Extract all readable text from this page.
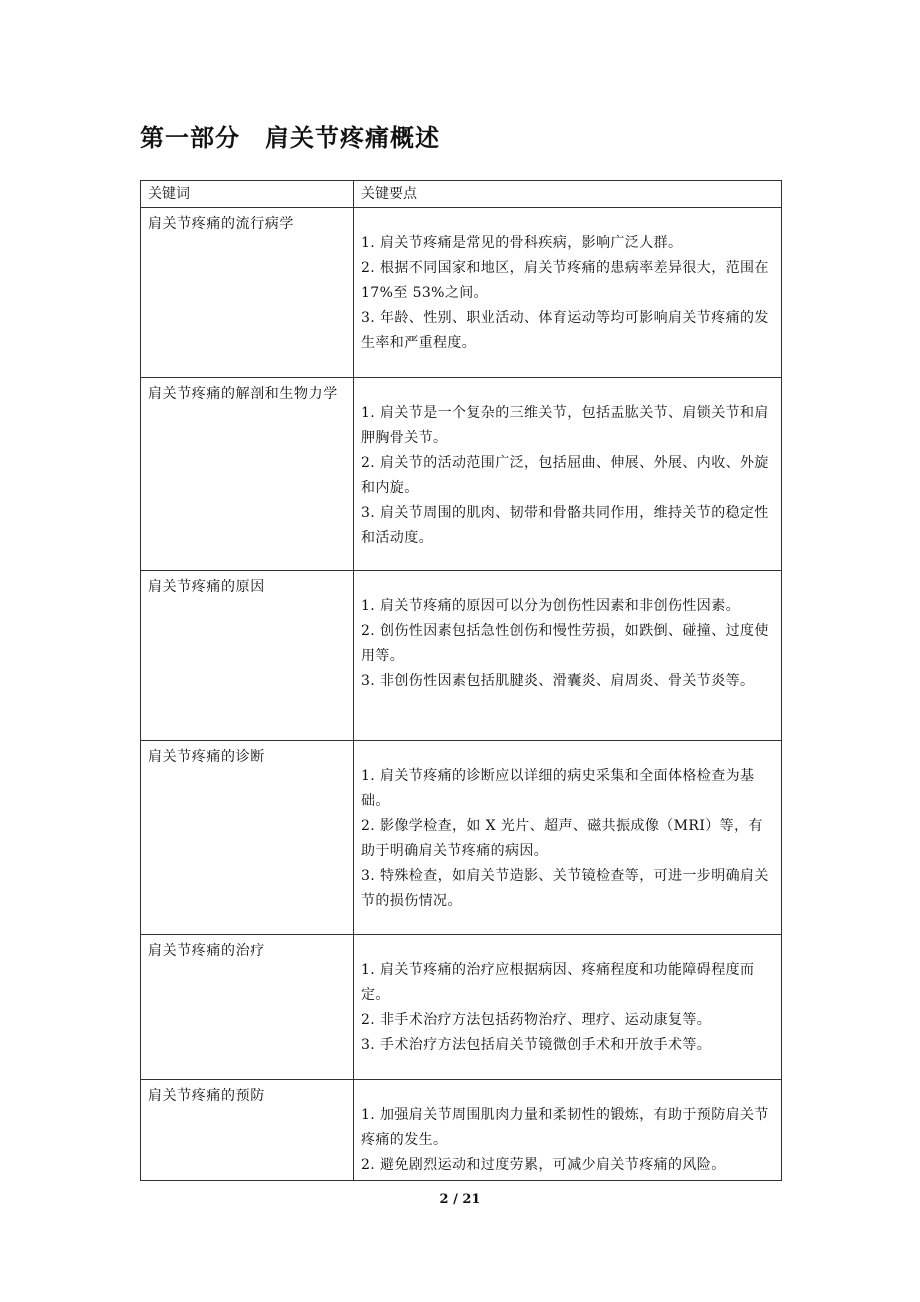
第一部分　肩关节疼痛概述
关键词	关键要点
肩关节疼痛的流行病学	1. 肩关节疼痛是常见的骨科疾病，影响广泛人群。

2. 根据不同国家和地区，肩关节疼痛的患病率差异很大，范围在 17%至 53%之间。

3. 年龄、性别、职业活动、体育运动等均可影响肩关节疼痛的发生率和严重程度。

肩关节疼痛的解剖和生物力学	1. 肩关节是一个复杂的三维关节，包括盂肱关节、肩锁关节和肩胛胸骨关节。

2. 肩关节的活动范围广泛，包括屈曲、伸展、外展、内收、外旋和内旋。

3. 肩关节周围的肌肉、韧带和骨骼共同作用，维持关节的稳定性和活动度。

肩关节疼痛的原因	1. 肩关节疼痛的原因可以分为创伤性因素和非创伤性因素。

2. 创伤性因素包括急性创伤和慢性劳损，如跌倒、碰撞、过度使用等。

3. 非创伤性因素包括肌腱炎、滑囊炎、肩周炎、骨关节炎等。

肩关节疼痛的诊断	1. 肩关节疼痛的诊断应以详细的病史采集和全面体格检查为基础。

2. 影像学检查，如 X 光片、超声、磁共振成像（MRI）等，有助于明确肩关节疼痛的病因。

3. 特殊检查，如肩关节造影、关节镜检查等，可进一步明确肩关节的损伤情况。

肩关节疼痛的治疗	1. 肩关节疼痛的治疗应根据病因、疼痛程度和功能障碍程度而定。

2. 非手术治疗方法包括药物治疗、理疗、运动康复等。

3. 手术治疗方法包括肩关节镜微创手术和开放手术等。

肩关节疼痛的预防	1. 加强肩关节周围肌肉力量和柔韧性的锻炼，有助于预防肩关节疼痛的发生。

2. 避免剧烈运动和过度劳累，可减少肩关节疼痛的风险。

2 / 21
